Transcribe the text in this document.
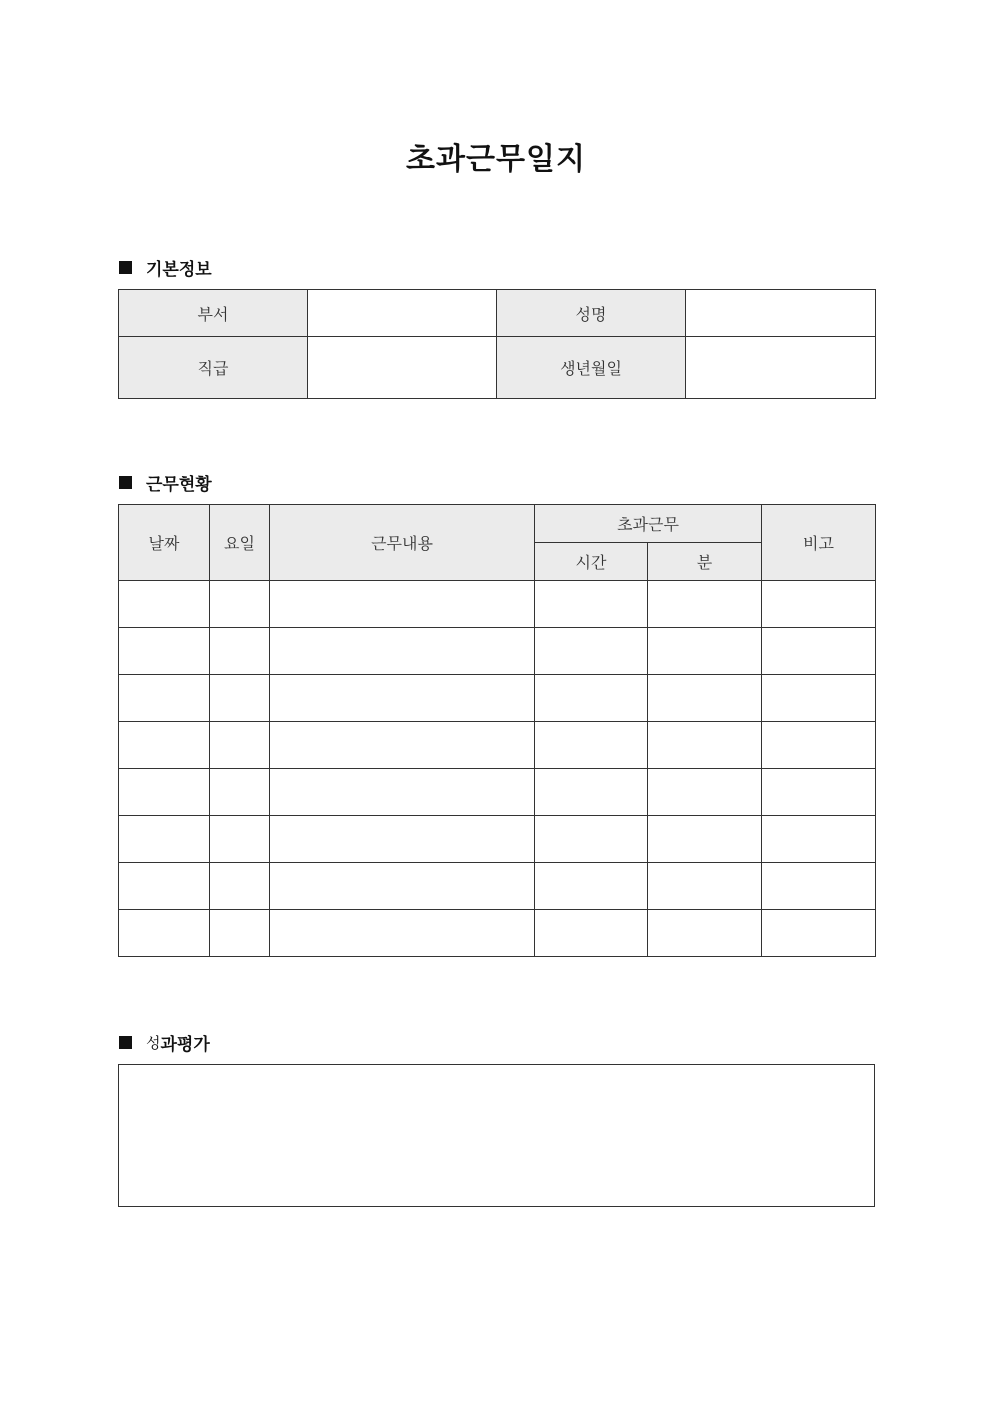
초과근무일지
기본정보
부서		성명	
직급		생년월일	
근무현황
날짜	요일	근무내용	초과근무		비고
			시간	분	

성 과평가
